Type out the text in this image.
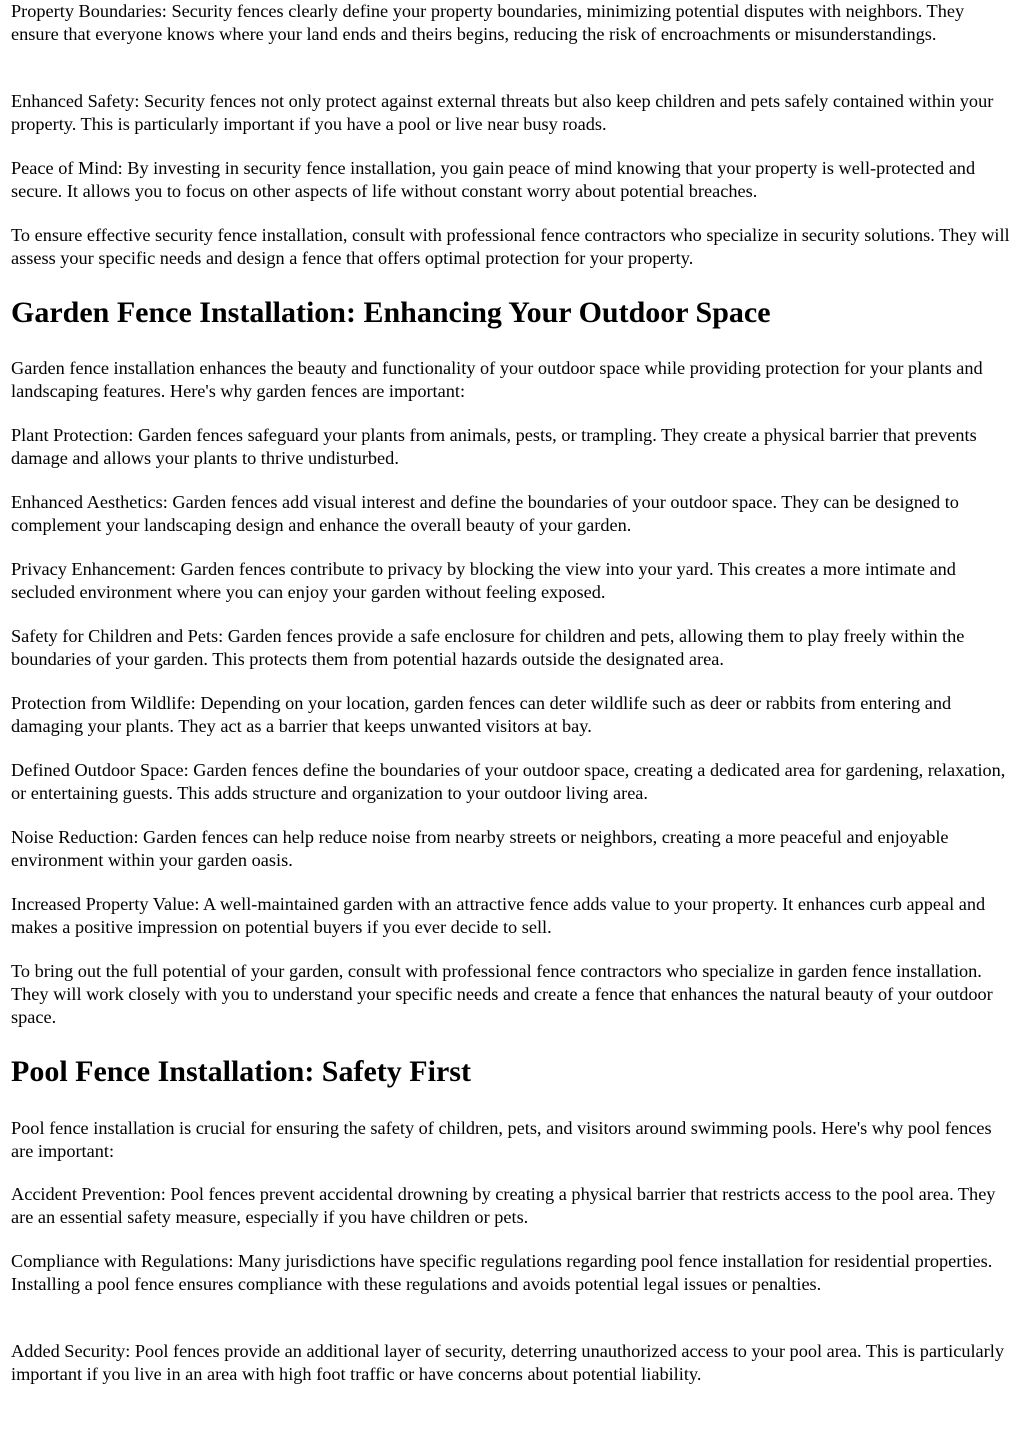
Property Boundaries: Security fences clearly define your property boundaries, minimizing potential disputes with neighbors. They ensure that everyone knows where your land ends and theirs begins, reducing the risk of encroachments or misunderstandings.

Enhanced Safety: Security fences not only protect against external threats but also keep children and pets safely contained within your property. This is particularly important if you have a pool or live near busy roads.

Peace of Mind: By investing in security fence installation, you gain peace of mind knowing that your property is well-protected and secure. It allows you to focus on other aspects of life without constant worry about potential breaches.

To ensure effective security fence installation, consult with professional fence contractors who specialize in security solutions. They will assess your specific needs and design a fence that offers optimal protection for your property.

Garden Fence Installation: Enhancing Your Outdoor Space

Garden fence installation enhances the beauty and functionality of your outdoor space while providing protection for your plants and landscaping features. Here's why garden fences are important:

Plant Protection: Garden fences safeguard your plants from animals, pests, or trampling. They create a physical barrier that prevents damage and allows your plants to thrive undisturbed.

Enhanced Aesthetics: Garden fences add visual interest and define the boundaries of your outdoor space. They can be designed to complement your landscaping design and enhance the overall beauty of your garden.

Privacy Enhancement: Garden fences contribute to privacy by blocking the view into your yard. This creates a more intimate and secluded environment where you can enjoy your garden without feeling exposed.

Safety for Children and Pets: Garden fences provide a safe enclosure for children and pets, allowing them to play freely within the boundaries of your garden. This protects them from potential hazards outside the designated area.

Protection from Wildlife: Depending on your location, garden fences can deter wildlife such as deer or rabbits from entering and damaging your plants. They act as a barrier that keeps unwanted visitors at bay.

Defined Outdoor Space: Garden fences define the boundaries of your outdoor space, creating a dedicated area for gardening, relaxation, or entertaining guests. This adds structure and organization to your outdoor living area.

Noise Reduction: Garden fences can help reduce noise from nearby streets or neighbors, creating a more peaceful and enjoyable environment within your garden oasis.

Increased Property Value: A well-maintained garden with an attractive fence adds value to your property. It enhances curb appeal and makes a positive impression on potential buyers if you ever decide to sell.

To bring out the full potential of your garden, consult with professional fence contractors who specialize in garden fence installation. They will work closely with you to understand your specific needs and create a fence that enhances the natural beauty of your outdoor space.

Pool Fence Installation: Safety First

Pool fence installation is crucial for ensuring the safety of children, pets, and visitors around swimming pools. Here's why pool fences are important:

Accident Prevention: Pool fences prevent accidental drowning by creating a physical barrier that restricts access to the pool area. They are an essential safety measure, especially if you have children or pets.

Compliance with Regulations: Many jurisdictions have specific regulations regarding pool fence installation for residential properties. Installing a pool fence ensures compliance with these regulations and avoids potential legal issues or penalties.

Added Security: Pool fences provide an additional layer of security, deterring unauthorized access to your pool area. This is particularly important if you live in an area with high foot traffic or have concerns about potential liability.
